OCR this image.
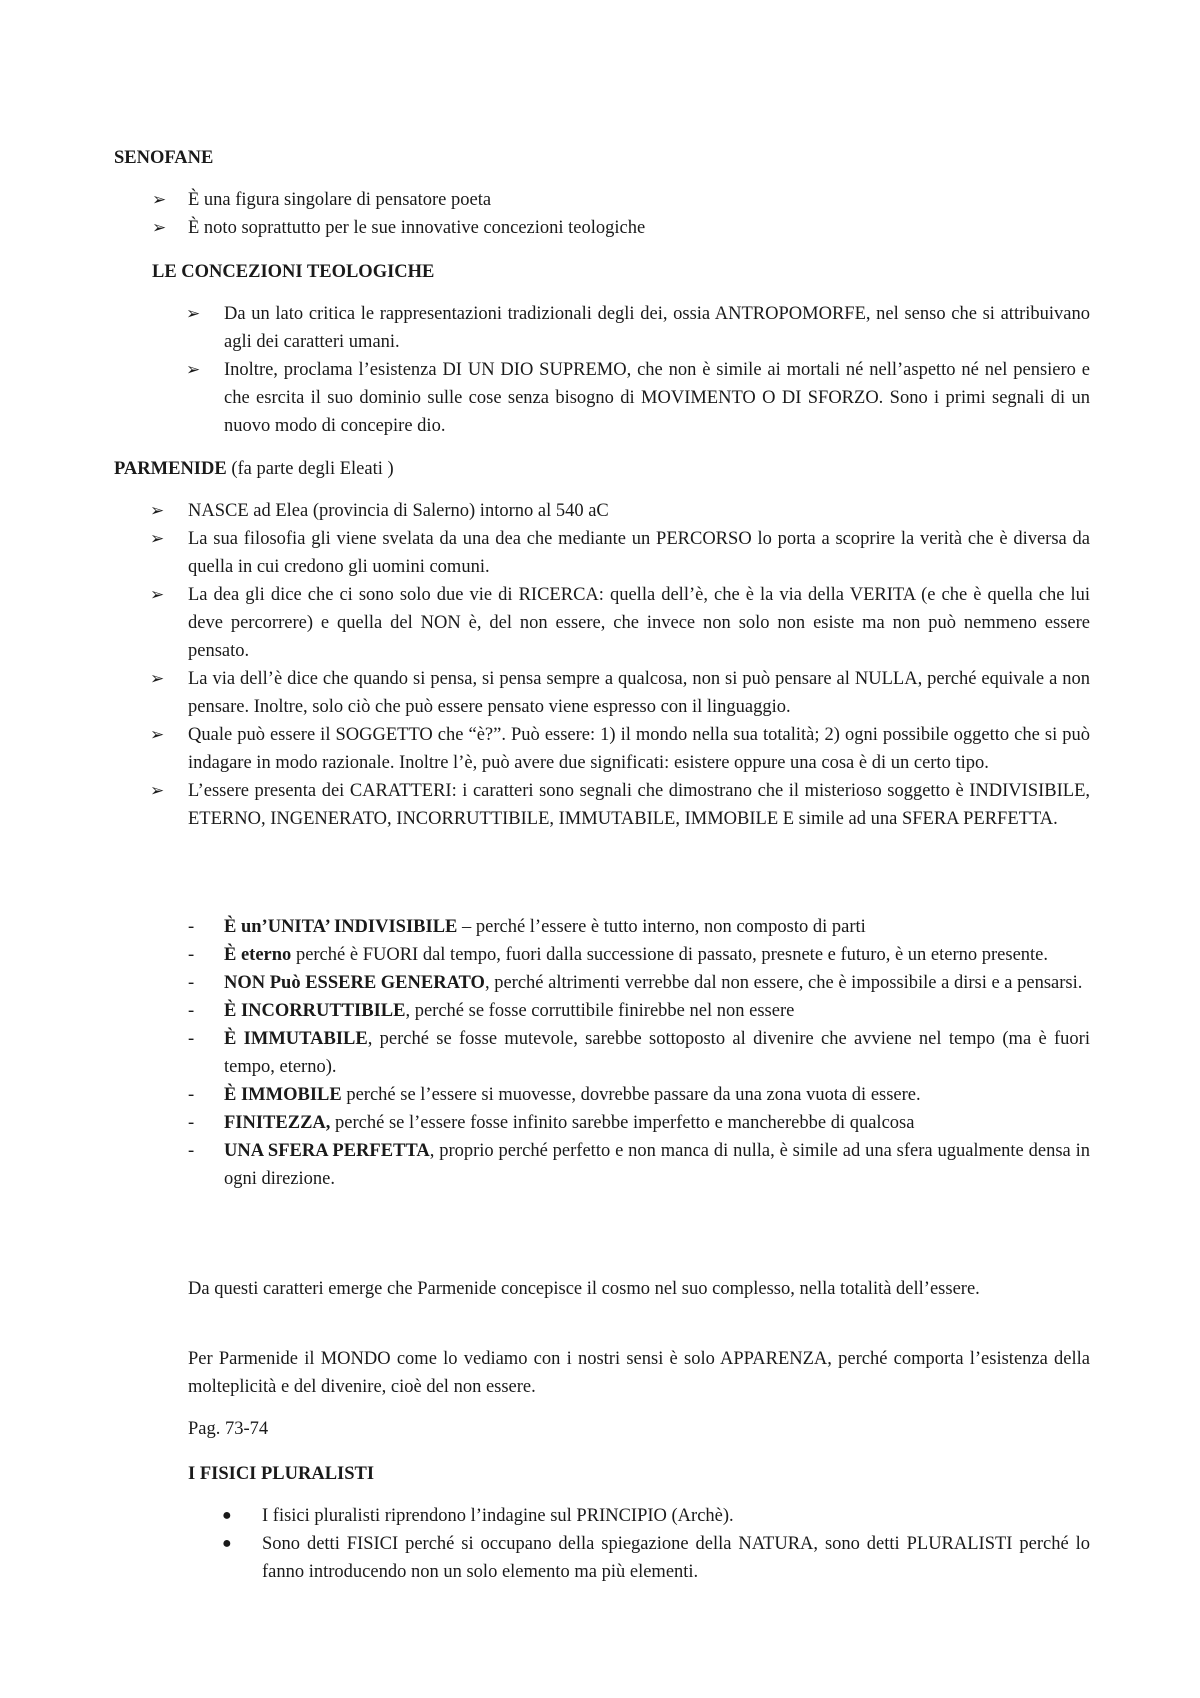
SENOFANE

➢ È una figura singolare di pensatore poeta
➢ È noto soprattutto per le sue innovative concezioni teologiche

LE CONCEZIONI TEOLOGICHE

➢ Da un lato critica le rappresentazioni tradizionali degli dei, ossia ANTROPOMORFE, nel senso che si attribuivano agli dei caratteri umani.
➢ Inoltre, proclama l’esistenza DI UN DIO SUPREMO, che non è simile ai mortali né nell’aspetto né nel pensiero e che esrcita il suo dominio sulle cose senza bisogno di MOVIMENTO O DI SFORZO. Sono i primi segnali di un nuovo modo di concepire dio.

PARMENIDE (fa parte degli Eleati )

➢ NASCE ad Elea (provincia di Salerno) intorno al 540 aC
➢ La sua filosofia gli viene svelata da una dea che mediante un PERCORSO lo porta a scoprire la verità che è diversa da quella in cui credono gli uomini comuni.
➢ La dea gli dice che ci sono solo due vie di RICERCA: quella dell’è, che è la via della VERITA (e che è quella che lui deve percorrere) e quella del NON è, del non essere, che invece non solo non esiste ma non può nemmeno essere pensato.
➢ La via dell’è dice che quando si pensa, si pensa sempre a qualcosa, non si può pensare al NULLA, perché equivale a non pensare. Inoltre, solo ciò che può essere pensato viene espresso con il linguaggio.
➢ Quale può essere il SOGGETTO che “è?”. Può essere: 1) il mondo nella sua totalità; 2) ogni possibile oggetto che si può indagare in modo razionale. Inoltre l’è, può avere due significati: esistere oppure una cosa è di un certo tipo.
➢ L’essere presenta dei CARATTERI: i caratteri sono segnali che dimostrano che il misterioso soggetto è INDIVISIBILE, ETERNO, INGENERATO, INCORRUTTIBILE, IMMUTABILE, IMMOBILE E simile ad una SFERA PERFETTA.
- È un’UNITA’ INDIVISIBILE – perché l’essere è tutto interno, non composto di parti
- È eterno perché è FUORI dal tempo, fuori dalla successione di passato, presnete e futuro, è un eterno presente.
- NON Può ESSERE GENERATO, perché altrimenti verrebbe dal non essere, che è impossibile a dirsi e a pensarsi.
- È INCORRUTTIBILE, perché se fosse corruttibile finirebbe nel non essere
- È IMMUTABILE, perché se fosse mutevole, sarebbe sottoposto al divenire che avviene nel tempo (ma è fuori tempo, eterno).
- È IMMOBILE perché se l’essere si muovesse, dovrebbe passare da una zona vuota di essere.
- FINITEZZA, perché se l’essere fosse infinito sarebbe imperfetto e mancherebbe di qualcosa
- UNA SFERA PERFETTA, proprio perché perfetto e non manca di nulla, è simile ad una sfera ugualmente densa in ogni direzione.

Da questi caratteri emerge che Parmenide concepisce il cosmo nel suo complesso, nella totalità dell’essere.

Per Parmenide il MONDO come lo vediamo con i nostri sensi è solo APPARENZA, perché comporta l’esistenza della molteplicità e del divenire, cioè del non essere.

Pag. 73-74

I FISICI PLURALISTI

● I fisici pluralisti riprendono l’indagine sul PRINCIPIO (Archè).
● Sono detti FISICI perché si occupano della spiegazione della NATURA, sono detti PLURALISTI perché lo fanno introducendo non un solo elemento ma più elementi.
